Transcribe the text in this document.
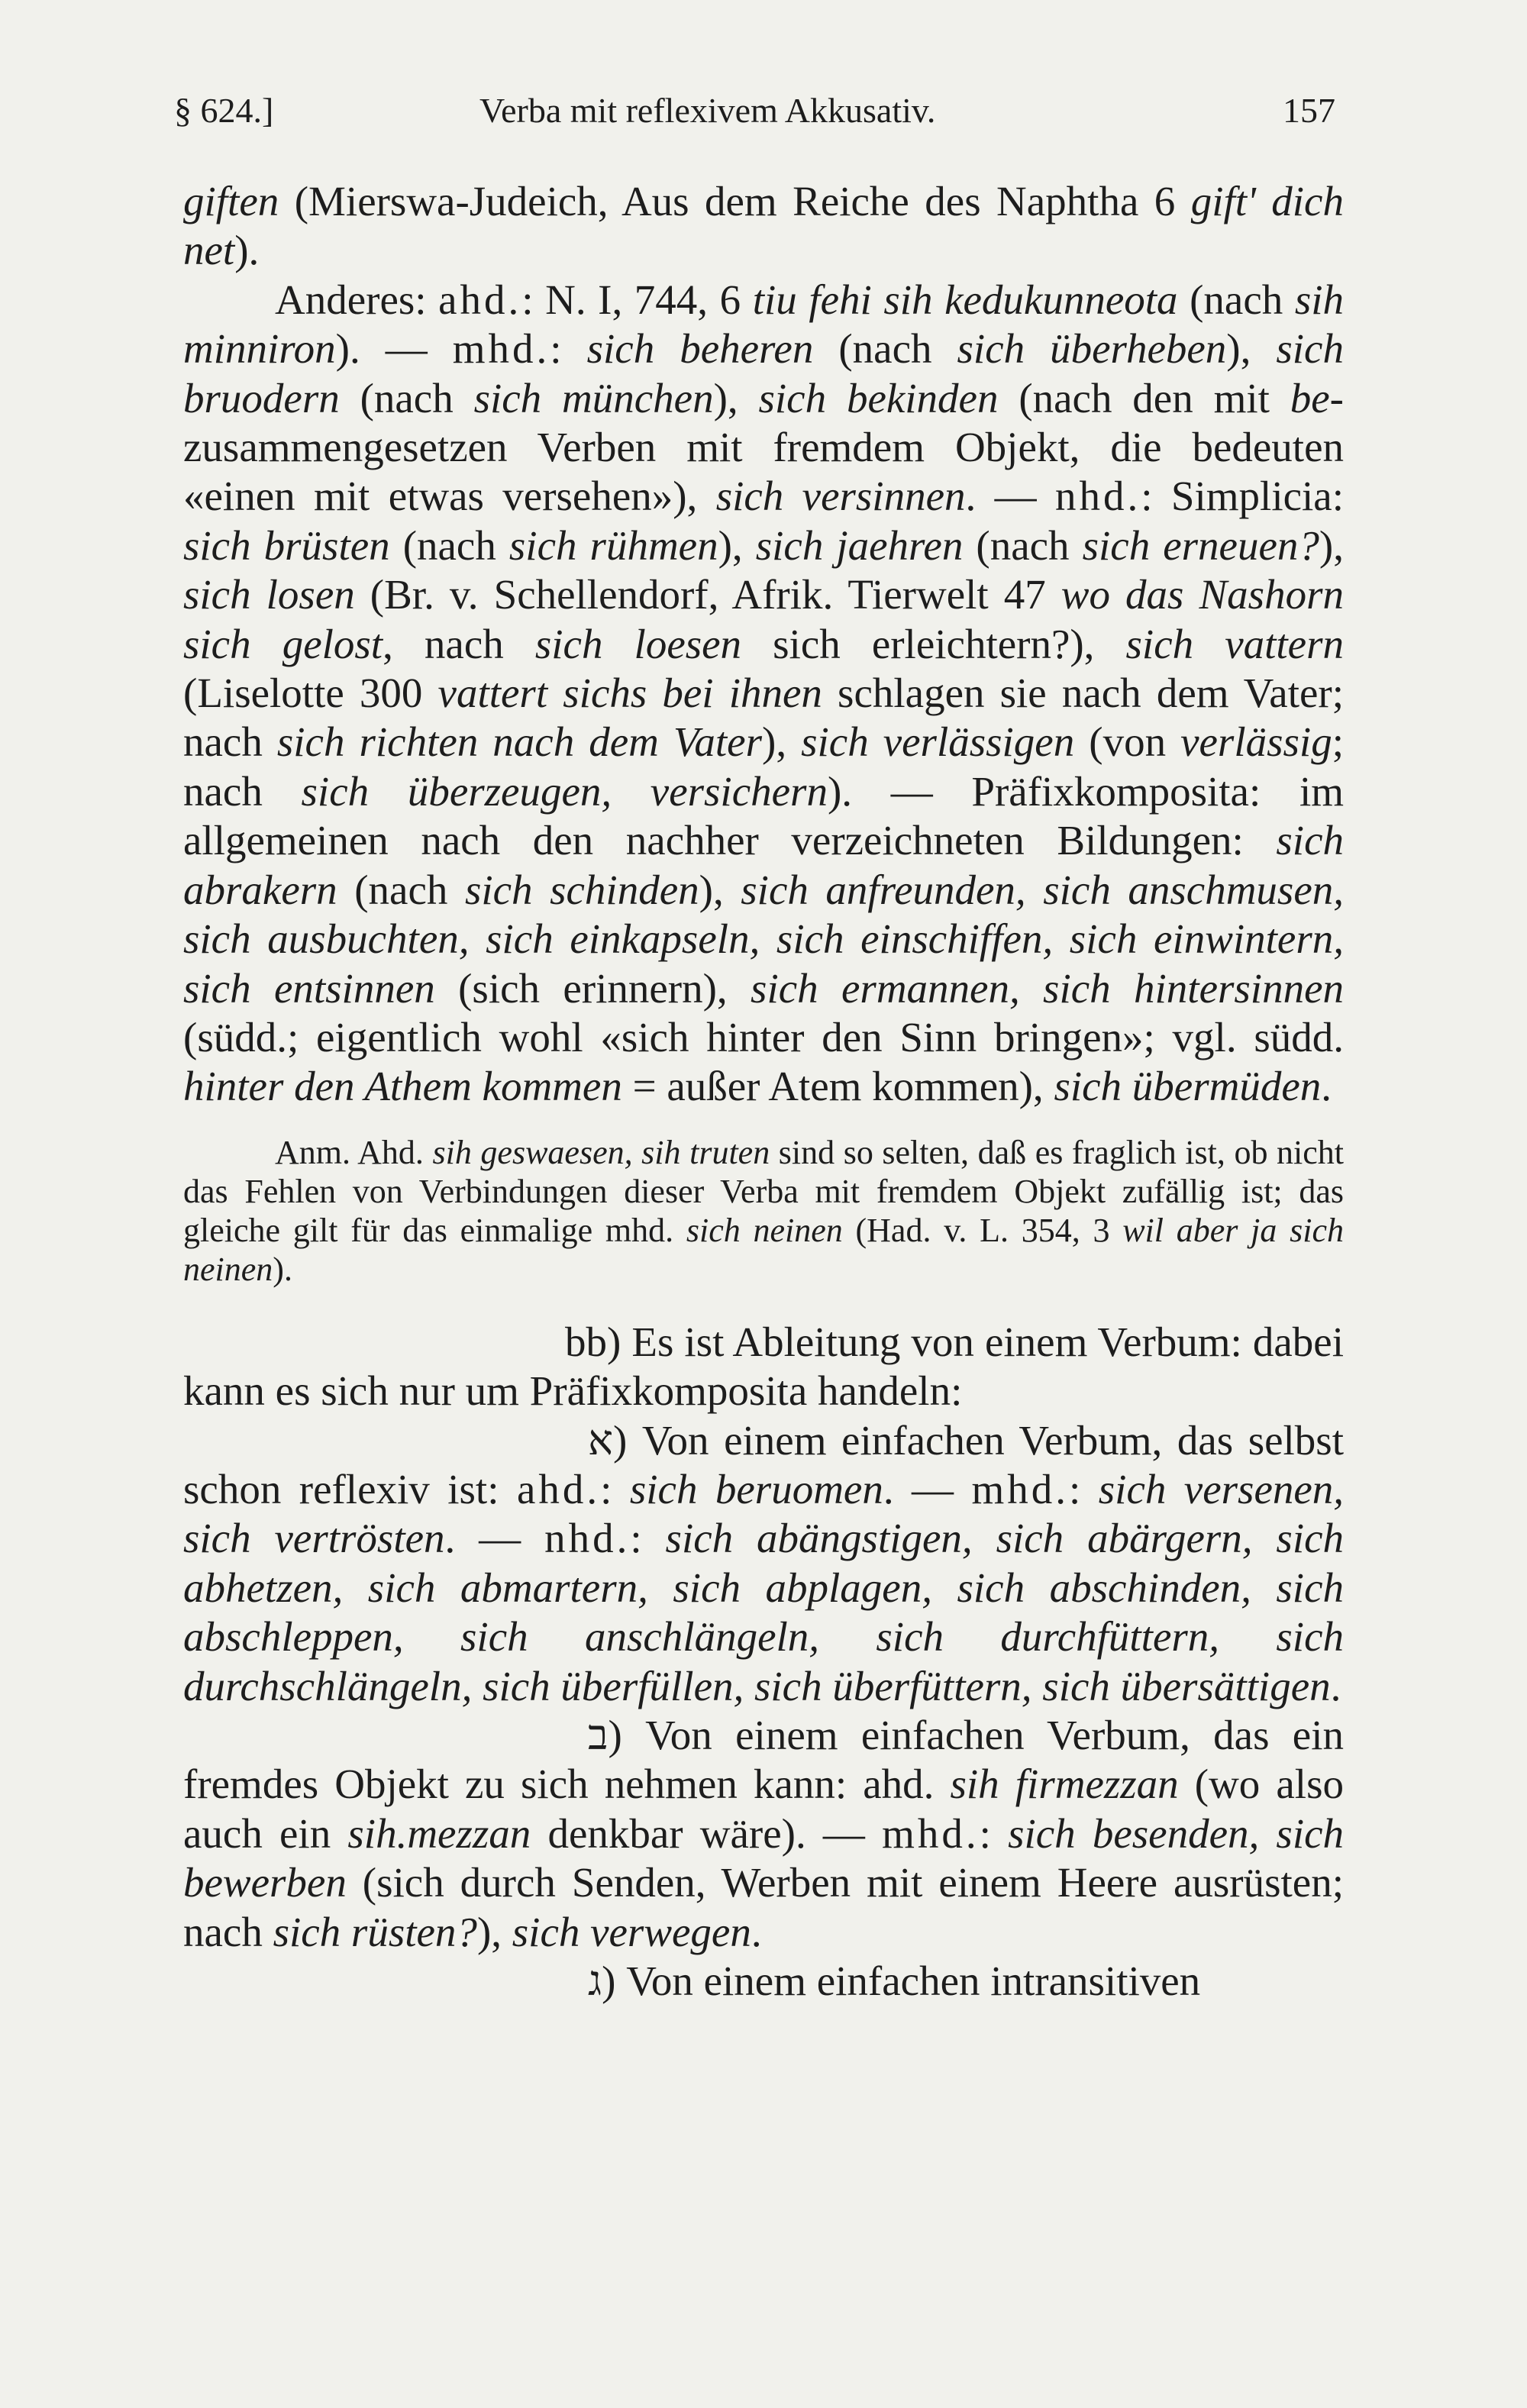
§ 624.]	Verba mit reflexivem Akkusativ.	157

giften (Mierswa-Judeich, Aus dem Reiche des Naphtha 6 gift' dich net).

Anderes: ahd.: N. I, 744, 6 tiu fehi sih kedukunneota (nach sih minniron). — mhd.: sich beheren (nach sich überheben), sich bruodern (nach sich münchen), sich bekinden (nach den mit be- zusammengesetzen Verben mit fremdem Objekt, die bedeuten «einen mit etwas versehen»), sich versinnen. — nhd.: Simplicia: sich brüsten (nach sich rühmen), sich jaehren (nach sich erneuen?), sich losen (Br. v. Schellendorf, Afrik. Tierwelt 47 wo das Nashorn sich gelost, nach sich loesen sich erleichtern?), sich vattern (Liselotte 300 vattert sichs bei ihnen schlagen sie nach dem Vater; nach sich richten nach dem Vater), sich verlässigen (von verlässig; nach sich überzeugen, versichern). — Präfixkomposita: im allgemeinen nach den nachher verzeichneten Bildungen: sich abrakern (nach sich schinden), sich anfreunden, sich anschmusen, sich ausbuchten, sich einkapseln, sich einschiffen, sich einwintern, sich entsinnen (sich erinnern), sich ermannen, sich hintersinnen (südd.; eigentlich wohl «sich hinter den Sinn bringen»; vgl. südd. hinter den Athem kommen = außer Atem kommen), sich übermüden.

Anm. Ahd. sih geswaesen, sih truten sind so selten, daß es fraglich ist, ob nicht das Fehlen von Verbindungen dieser Verba mit fremdem Objekt zufällig ist; das gleiche gilt für das einmalige mhd. sich neinen (Had. v. L. 354, 3 wil aber ja sich neinen).

bb) Es ist Ableitung von einem Verbum: dabei kann es sich nur um Präfixkomposita handeln:

א) Von einem einfachen Verbum, das selbst schon reflexiv ist: ahd.: sich beruomen. — mhd.: sich versenen, sich vertrösten. — nhd.: sich abängstigen, sich abärgern, sich abhetzen, sich abmartern, sich abplagen, sich abschinden, sich abschleppen, sich anschlängeln, sich durchfüttern, sich durchschlängeln, sich überfüllen, sich überfüttern, sich übersättigen.

ב) Von einem einfachen Verbum, das ein fremdes Objekt zu sich nehmen kann: ahd. sih firmezzan (wo also auch ein sih.mezzan denkbar wäre). — mhd.: sich besenden, sich bewerben (sich durch Senden, Werben mit einem Heere ausrüsten; nach sich rüsten?), sich verwegen.

ג) Von einem einfachen intransitiven
